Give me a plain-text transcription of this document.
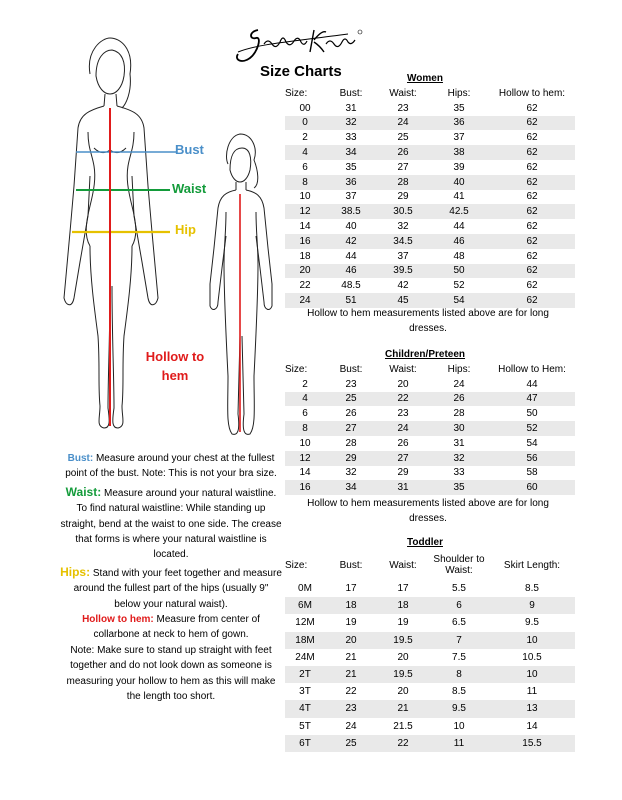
Size Charts
Bust
Waist
Hip
Hollow to
hem

Bust: Measure around your chest at the fullest point of the bust. Note: This is not your bra size.

Waist: Measure around your natural waistline. To find natural waistline: While standing up straight, bend at the waist to one side. The crease that forms is where your natural waistline is located.

Hips: Stand with your feet together and measure around the fullest part of the hips (usually 9" below your natural waist).

Hollow to hem: Measure from center of collarbone at neck to hem of gown.

Note: Make sure to stand up straight with feet together and do not look down as someone is measuring your hollow to hem as this will make the length too short.

Women
Size:	Bust:	Waist:	Hips:	Hollow to hem:
00	31	23	35	62
0	32	24	36	62
2	33	25	37	62
4	34	26	38	62
6	35	27	39	62
8	36	28	40	62
10	37	29	41	62
12	38.5	30.5	42.5	62
14	40	32	44	62
16	42	34.5	46	62
18	44	37	48	62
20	46	39.5	50	62
22	48.5	42	52	62
24	51	45	54	62
Hollow to hem measurements listed above are for long dresses.
Children/Preteen
Size:	Bust:	Waist:	Hips:	Hollow to Hem:
2	23	20	24	44
4	25	22	26	47
6	26	23	28	50
8	27	24	30	52
10	28	26	31	54
12	29	27	32	56
14	32	29	33	58
16	34	31	35	60
Hollow to hem measurements listed above are for long dresses.
Toddler
Size:	Bust:	Waist:	Shoulder to Waist:	Skirt Length:
0M	17	17	5.5	8.5
6M	18	18	6	9
12M	19	19	6.5	9.5
18M	20	19.5	7	10
24M	21	20	7.5	10.5
2T	21	19.5	8	10
3T	22	20	8.5	11
4T	23	21	9.5	13
5T	24	21.5	10	14
6T	25	22	11	15.5
